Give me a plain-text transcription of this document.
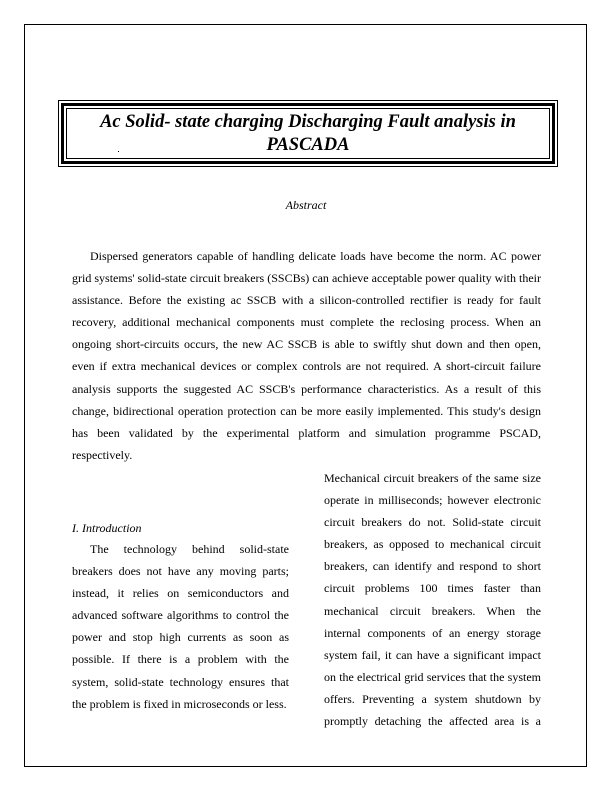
Ac Solid- state charging Discharging Fault analysis in PASCADA
Abstract

Dispersed generators capable of handling delicate loads have become the norm. AC power grid systems' solid-state circuit breakers (SSCBs) can achieve acceptable power quality with their assistance. Before the existing ac SSCB with a silicon-controlled rectifier is ready for fault recovery, additional mechanical components must complete the reclosing process. When an ongoing short-circuits occurs, the new AC SSCB is able to swiftly shut down and then open, even if extra mechanical devices or complex controls are not required. A short-circuit failure analysis supports the suggested AC SSCB's performance characteristics. As a result of this change, bidirectional operation protection can be more easily implemented. This study's design has been validated by the experimental platform and simulation programme PSCAD, respectively.

I. Introduction

The technology behind solid-state breakers does not have any moving parts; instead, it relies on semiconductors and advanced software algorithms to control the power and stop high currents as soon as possible. If there is a problem with the system, solid-state technology ensures that the problem is fixed in microseconds or less.

Mechanical circuit breakers of the same size operate in milliseconds; however electronic circuit breakers do not. Solid-state circuit breakers, as opposed to mechanical circuit breakers, can identify and respond to short circuit problems 100 times faster than mechanical circuit breakers. When the internal components of an energy storage system fail, it can have a significant impact on the electrical grid services that the system offers. Preventing a system shutdown by promptly detaching the affected area is a
